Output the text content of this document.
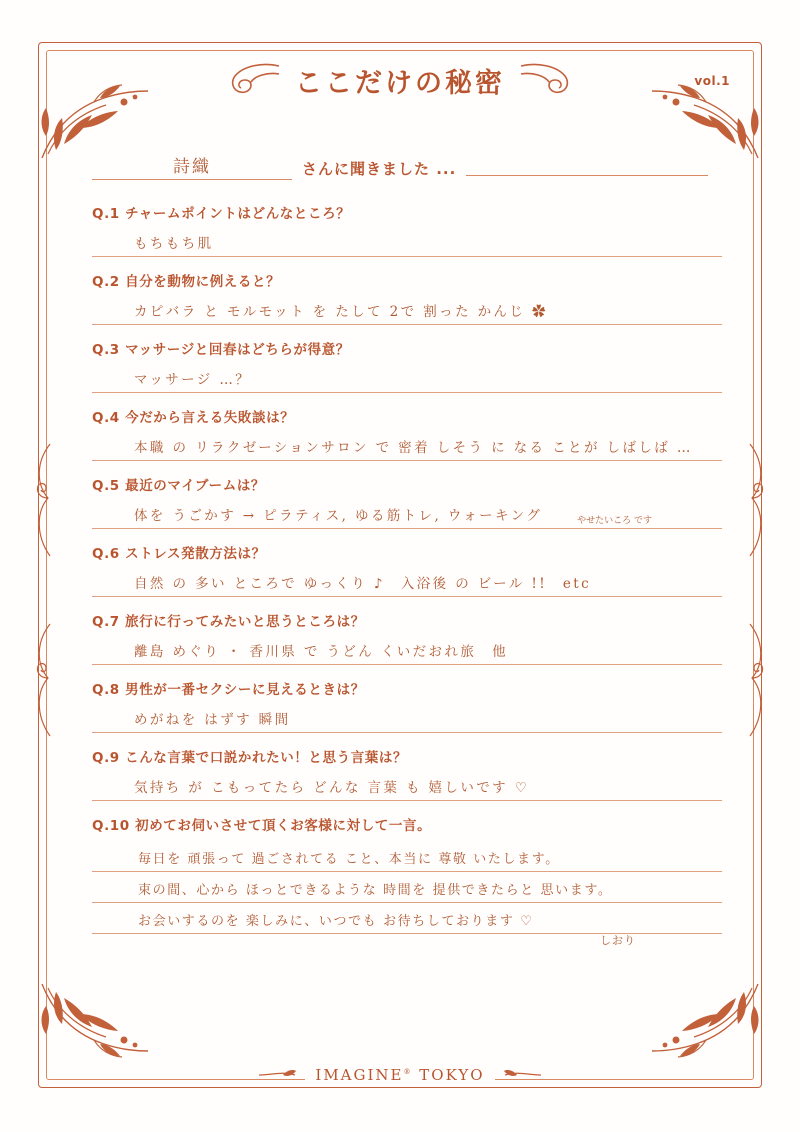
ここだけの秘密	vol.1
詩織	さんに聞きました ...
Q.1 チャームポイントはどんなところ？
もちもち肌
Q.2 自分を動物に例えると？
カピバラ と モルモット を たして 2で 割った かんじ ✿
Q.3 マッサージと回春はどちらが得意？
マッサージ …？
Q.4 今だから言える失敗談は？
本職 の リラクゼーションサロン で 密着 しそう に なる ことが しばしば …
Q.5 最近のマイブームは？
体を うごかす → ピラティス, ゆる筋トレ, ウォーキング	やせたいころ です
Q.6 ストレス発散方法は？
自然 の 多い ところで ゆっくり ♪　入浴後 の ビール !!　etc
Q.7 旅行に行ってみたいと思うところは？
離島 めぐり ・ 香川県 で うどん くいだおれ旅　他
Q.8 男性が一番セクシーに見えるときは？
めがねを はずす 瞬間
Q.9 こんな言葉で口説かれたい！と思う言葉は？
気持ち が こもってたら どんな 言葉 も 嬉しいです ♡
Q.10 初めてお伺いさせて頂くお客様に対して一言。
毎日を 頑張って 過ごされてる こと、本当に 尊敬 いたします。
束の間、心から ほっとできるような 時間を 提供できたらと 思います。
お会いするのを 楽しみに、いつでも お待ちしております ♡
しおり
IMAGINE® TOKYO
